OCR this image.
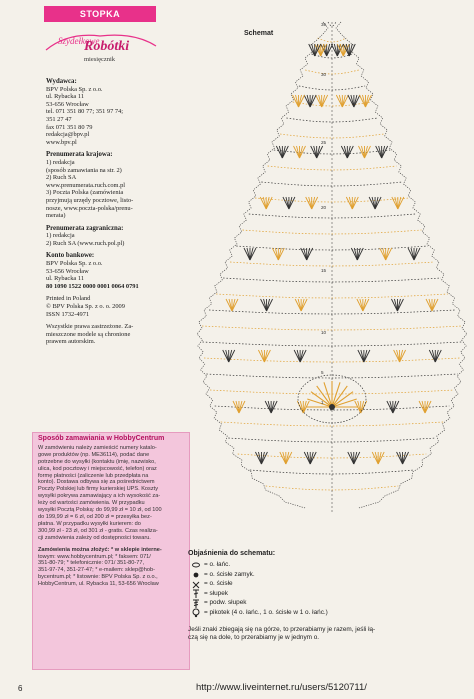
STOPKA
Szydełkowe
Robótki
miesięcznik
Wydawca:
BPV Polska Sp. z o.o.
ul. Rybacka 11
53-656 Wrocław
tel. 071 351 80 77; 351 97 74;
351 27 47
fax 071 351 80 79
redakcja@bpv.pl
www.bpv.pl
Prenumerata krajowa:
1) redakcja
(sposób zamawiania na str. 2)
2) Ruch SA
www.prenumerata.ruch.com.pl
3) Poczta Polska (zamówienia
przyjmują urzędy pocztowe, listo-
nosze, www.poczta-polska/prenu-
merata)
Prenumerata zagraniczna:
1) redakcja
2) Ruch SA (www.ruch.pol.pl)
Konto bankowe:
BPV Polska Sp. z o.o.
53-656 Wrocław
ul. Rybacka 11
80 1090 1522 0000 0001 0064 0791
Printed in Poland
© BPV Polska Sp. z o. o. 2009
ISSN 1732-4971
Wszystkie prawa zastrzeżone. Za-
mieszczone modele są chronione
prawem autorskim.
Sposób zamawiania w HobbyCentrum
W zamówieniu należy zamieścić numery katalo-
gowe produktów (np. ME36114), podać dane
potrzebne do wysyłki (kontaktu (imię, nazwisko,
ulica, kod pocztowy i miejscowość, telefon) oraz
formę płatności (zaliczenie lub przedpłata na
konto). Dostawa odbywa się za pośrednictwem
Poczty Polskiej lub firmy kurierskiej UPS. Koszty
wysyłki pokrywa zamawiający a ich wysokość za-
leży od wartości zamówienia. W przypadku
wysyłki Pocztą Polską: do 99,99 zł = 10 zł, od 100
do 199,99 zł = 6 zł, od 200 zł = przesyłka bez-
płatna. W przypadku wysyłki kurierem: do
300,99 zł - 23 zł, od 301 zł - gratis. Czas realiza-
cji zamówienia zależy od dostępności towaru.
Zamówienia można złożyć: * w sklepie interne-
towym: www.hobbycentrum.pl; * faksem: 071/
351-80-79; * telefonicznie: 071/ 351-80-77,
351-97-74, 351-27-47; * e-mailem: sklep@hob-
bycentrum.pl; * listownie: BPV Polska Sp. z o.o.,
HobbyCentrum, ul. Rybacka 11, 53-656 Wrocław
6
Schemat
35
30
25
20
15
10
5
1
Objaśnienia do schematu:
= o. łańc.
= o. ścisłe zamyk.
= o. ścisłe
= słupek
= podw. słupek
= pikotek (4 o. łańc., 1 o. ścisłe w 1 o. łańc.)
Jeśli znaki zbiegają się na górze, to przerabiamy je razem, jeśli łą-
czą się na dole, to przerabiamy je w jednym o.
http://www.liveinternet.ru/users/5120711/
